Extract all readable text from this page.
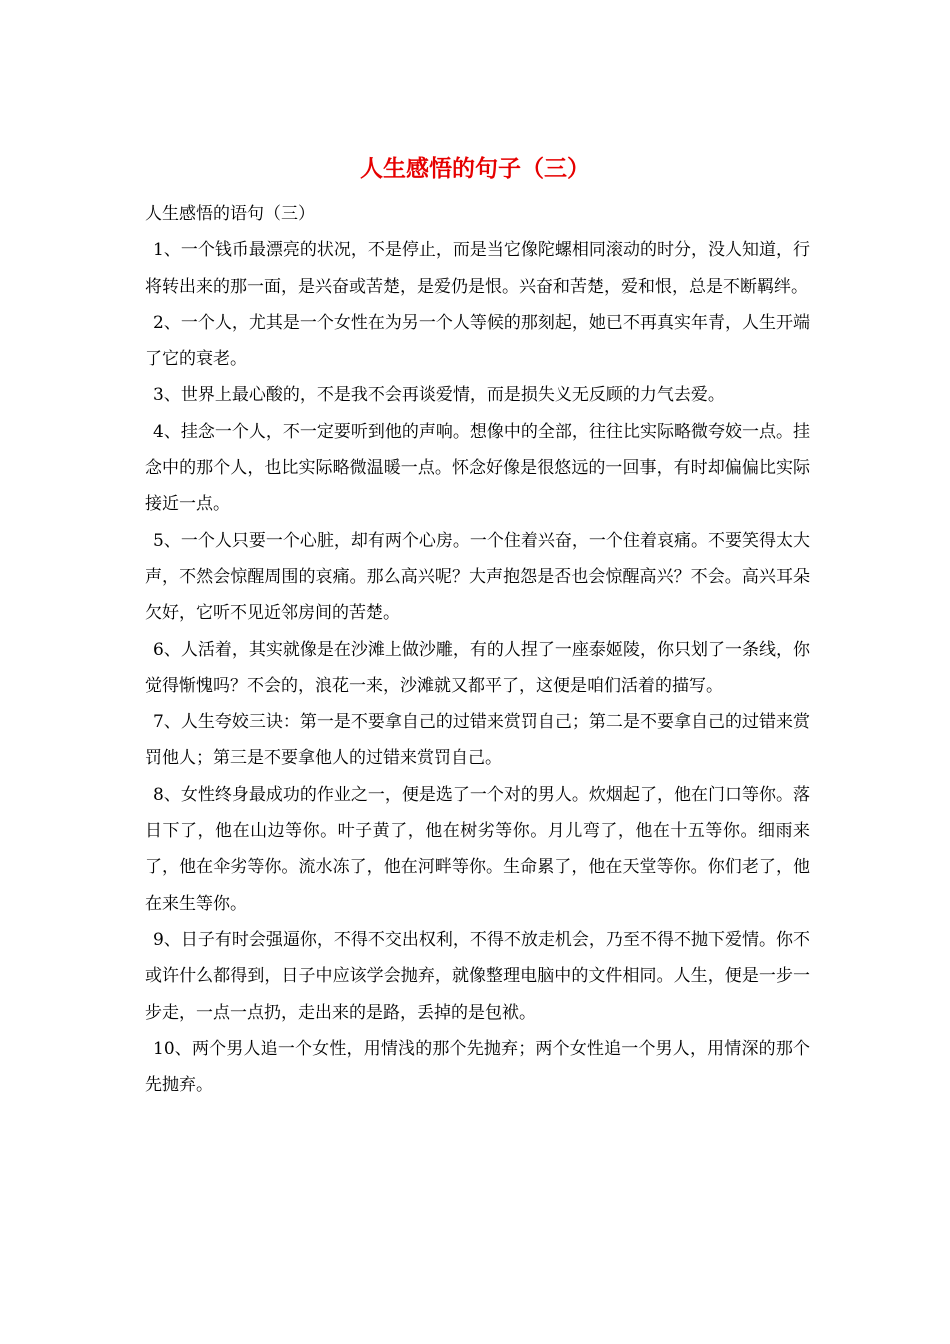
人生感悟的句子（三）
人生感悟的语句（三）
1、一个钱币最漂亮的状况，不是停止，而是当它像陀螺相同滚动的时分，没人知道，行将转出来的那一面，是兴奋或苦楚，是爱仍是恨。兴奋和苦楚，爱和恨，总是不断羁绊。
2、一个人，尤其是一个女性在为另一个人等候的那刻起，她已不再真实年青，人生开端了它的衰老。
3、世界上最心酸的，不是我不会再谈爱情，而是损失义无反顾的力气去爱。
4、挂念一个人，不一定要听到他的声响。想像中的全部，往往比实际略微夸姣一点。挂念中的那个人，也比实际略微温暖一点。怀念好像是很悠远的一回事，有时却偏偏比实际接近一点。
5、一个人只要一个心脏，却有两个心房。一个住着兴奋，一个住着哀痛。不要笑得太大声，不然会惊醒周围的哀痛。那么高兴呢？大声抱怨是否也会惊醒高兴？不会。高兴耳朵欠好，它听不见近邻房间的苦楚。
6、人活着，其实就像是在沙滩上做沙雕，有的人捏了一座泰姬陵，你只划了一条线，你觉得惭愧吗？不会的，浪花一来，沙滩就又都平了，这便是咱们活着的描写。
7、人生夸姣三诀：第一是不要拿自己的过错来赏罚自己；第二是不要拿自己的过错来赏罚他人；第三是不要拿他人的过错来赏罚自己。
8、女性终身最成功的作业之一，便是选了一个对的男人。炊烟起了，他在门口等你。落日下了，他在山边等你。叶子黄了，他在树劣等你。月儿弯了，他在十五等你。细雨来了，他在伞劣等你。流水冻了，他在河畔等你。生命累了，他在天堂等你。你们老了，他在来生等你。
9、日子有时会强逼你，不得不交出权利，不得不放走机会，乃至不得不抛下爱情。你不或许什么都得到，日子中应该学会抛弃，就像整理电脑中的文件相同。人生，便是一步一步走，一点一点扔，走出来的是路，丢掉的是包袱。
10、两个男人追一个女性，用情浅的那个先抛弃；两个女性追一个男人，用情深的那个先抛弃。
